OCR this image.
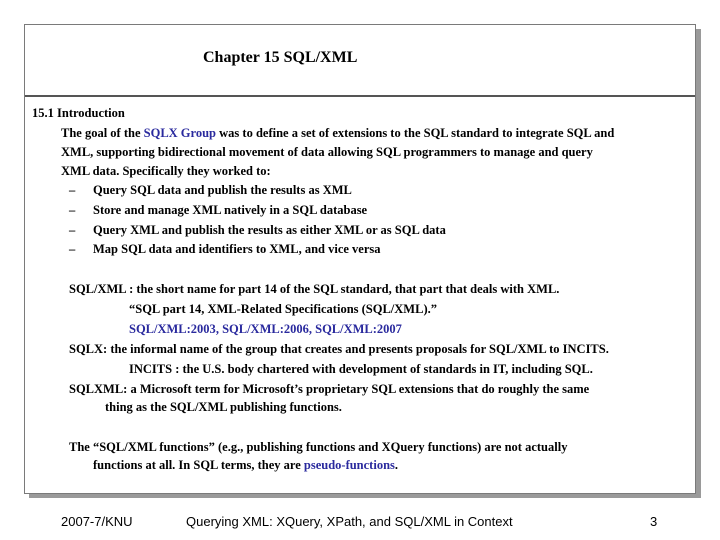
Chapter 15 SQL/XML
15.1 Introduction
The goal of the SQLX Group was to define a set of extensions to the SQL standard to integrate SQL and
XML, supporting bidirectional movement of data allowing SQL programmers to manage and query
XML data. Specifically they worked to:
– Query SQL data and publish the results as XML
– Store and manage XML natively in a SQL database
– Query XML and publish the results as either XML or as SQL data
– Map SQL data and identifiers to XML, and vice versa
SQL/XML : the short name for part 14 of the SQL standard, that part that deals with XML.
“SQL part 14, XML-Related Specifications (SQL/XML).”
SQL/XML:2003, SQL/XML:2006, SQL/XML:2007
SQLX: the informal name of the group that creates and presents proposals for SQL/XML to INCITS.
INCITS : the U.S. body chartered with development of standards in IT, including SQL.
SQLXML: a Microsoft term for Microsoft’s proprietary SQL extensions that do roughly the same
thing as the SQL/XML publishing functions.
The “SQL/XML functions” (e.g., publishing functions and XQuery functions) are not actually
functions at all. In SQL terms, they are pseudo-functions.
2007-7/KNU	Querying XML: XQuery, XPath, and SQL/XML in Context	3
